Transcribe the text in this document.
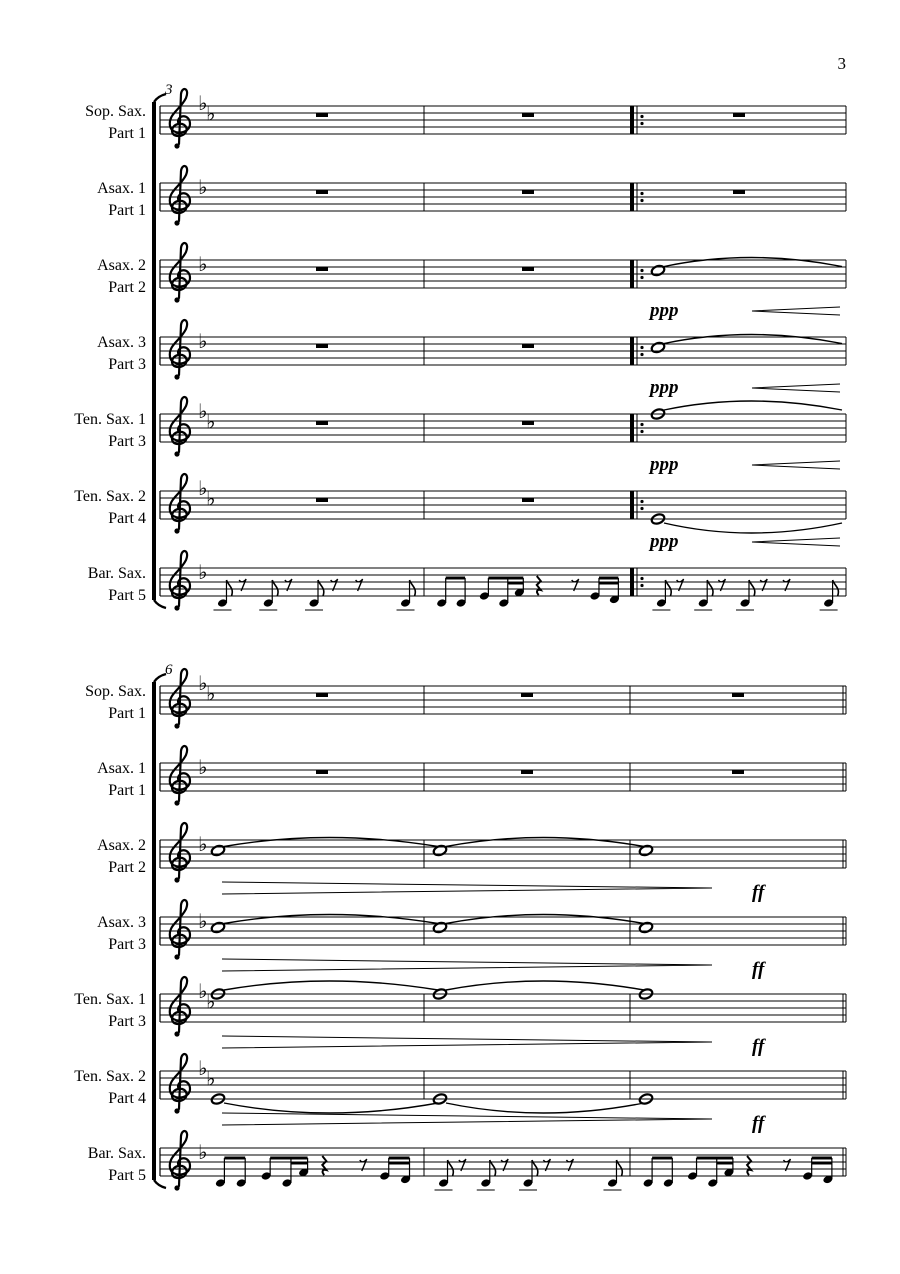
3
3
Sop. Sax.
Part 1
♭
♭
Asax. 1
Part 1
♭
Asax. 2
Part 2
♭
ppp
Asax. 3
Part 3
♭
ppp
Ten. Sax. 1
Part 3
♭
♭
ppp
Ten. Sax. 2
Part 4
♭
♭
ppp
Bar. Sax.
Part 5
♭
6
Sop. Sax.
Part 1
♭
♭
Asax. 1
Part 1
♭
Asax. 2
Part 2
♭
ff
Asax. 3
Part 3
♭
ff
Ten. Sax. 1
Part 3
♭
♭
ff
Ten. Sax. 2
Part 4
♭
♭
ff
Bar. Sax.
Part 5
♭
